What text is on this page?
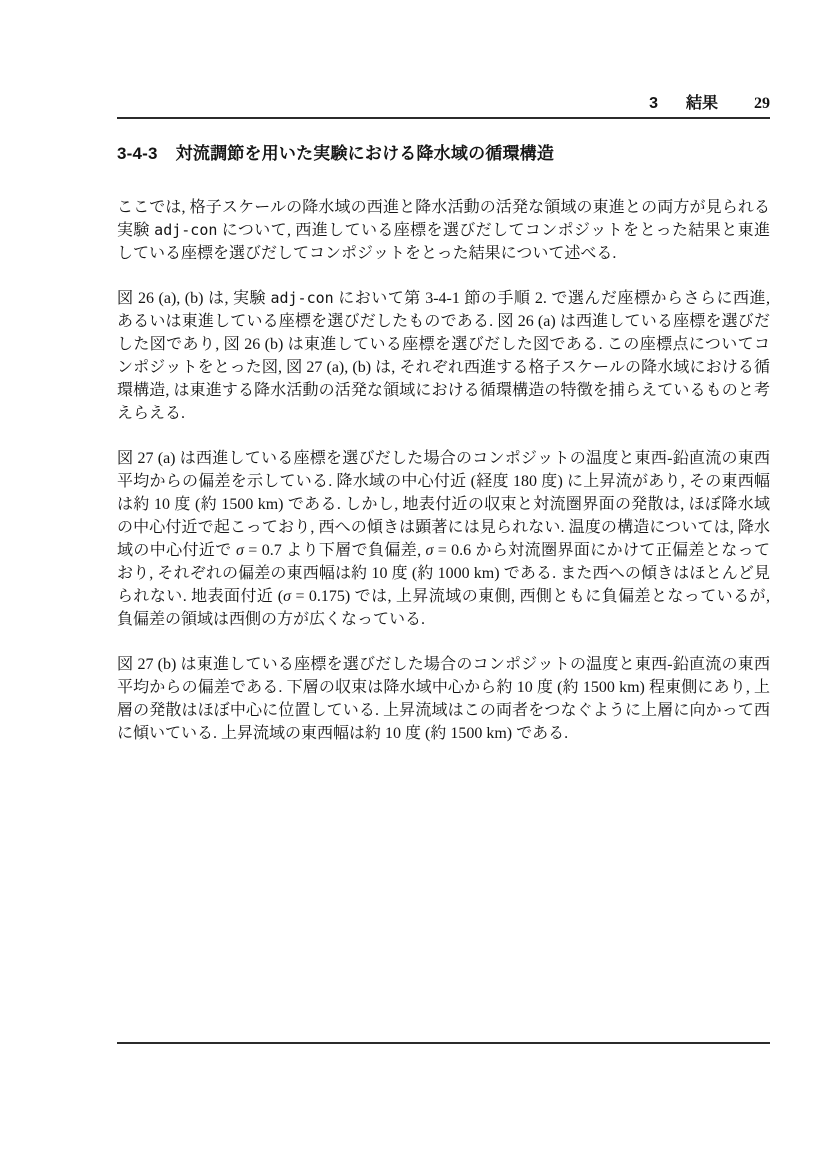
3 結果 29
3-4-3 対流調節を用いた実験における降水域の循環構造

ここでは, 格子スケールの降水域の西進と降水活動の活発な領域の東進との両方が見られる実験 adj-con について, 西進している座標を選びだしてコンポジットをとった結果と東進している座標を選びだしてコンポジットをとった結果について述べる.

図 26 (a), (b) は, 実験 adj-con において第 3-4-1 節の手順 2. で選んだ座標からさらに西進, あるいは東進している座標を選びだしたものである. 図 26 (a) は西進している座標を選びだした図であり, 図 26 (b) は東進している座標を選びだした図である. この座標点についてコンポジットをとった図, 図 27 (a), (b) は, それぞれ西進する格子スケールの降水域における循環構造, は東進する降水活動の活発な領域における循環構造の特徴を捕らえているものと考えらえる.

図 27 (a) は西進している座標を選びだした場合のコンポジットの温度と東西-鉛直流の東西平均からの偏差を示している. 降水域の中心付近 (経度 180 度) に上昇流があり, その東西幅は約 10 度 (約 1500 km) である. しかし, 地表付近の収束と対流圏界面の発散は, ほぼ降水域の中心付近で起こっており, 西への傾きは顕著には見られない. 温度の構造については, 降水域の中心付近で σ = 0.7 より下層で負偏差, σ = 0.6 から対流圏界面にかけて正偏差となっており, それぞれの偏差の東西幅は約 10 度 (約 1000 km) である. また西への傾きはほとんど見られない. 地表面付近 (σ = 0.175) では, 上昇流域の東側, 西側ともに負偏差となっているが, 負偏差の領域は西側の方が広くなっている.

図 27 (b) は東進している座標を選びだした場合のコンポジットの温度と東西-鉛直流の東西平均からの偏差である. 下層の収束は降水域中心から約 10 度 (約 1500 km) 程東側にあり, 上層の発散はほぼ中心に位置している. 上昇流域はこの両者をつなぐように上層に向かって西に傾いている. 上昇流域の東西幅は約 10 度 (約 1500 km) である.
